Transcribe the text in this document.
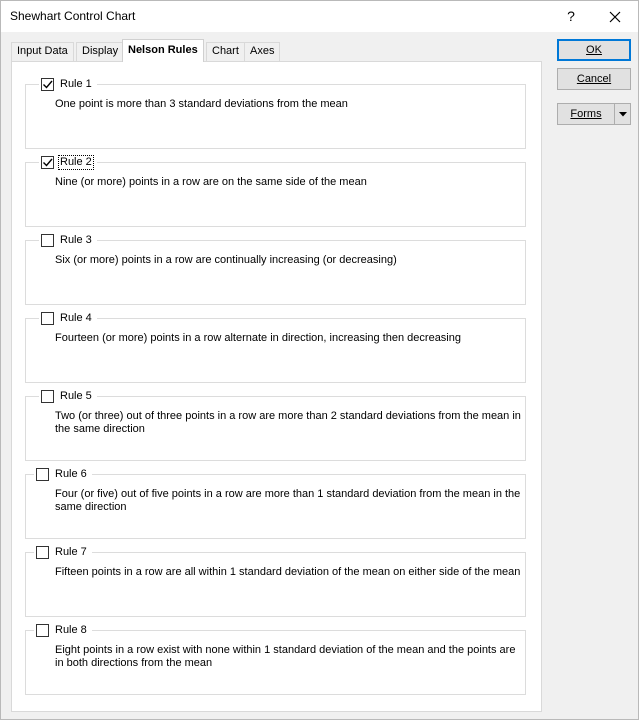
Shewhart Control Chart	?
Input Data	Display Nelson Rules	Chart	Axes
Rule 1
One point is more than 3 standard deviations from the mean
Rule 2
Nine (or more) points in a row are on the same side of the mean
Rule 3
Six (or more) points in a row are continually increasing (or decreasing)
Rule 4
Fourteen (or more) points in a row alternate in direction, increasing then decreasing
Rule 5
Two (or three) out of three points in a row are more than 2 standard deviations from the mean in the same direction
Rule 6
Four (or five) out of five points in a row are more than 1 standard deviation from the mean in the same direction
Rule 7
Fifteen points in a row are all within 1 standard deviation of the mean on either side of the mean
Rule 8
Eight points in a row exist with none within 1 standard deviation of the mean and the points are in both directions from the mean
OK
Cancel
Forms
